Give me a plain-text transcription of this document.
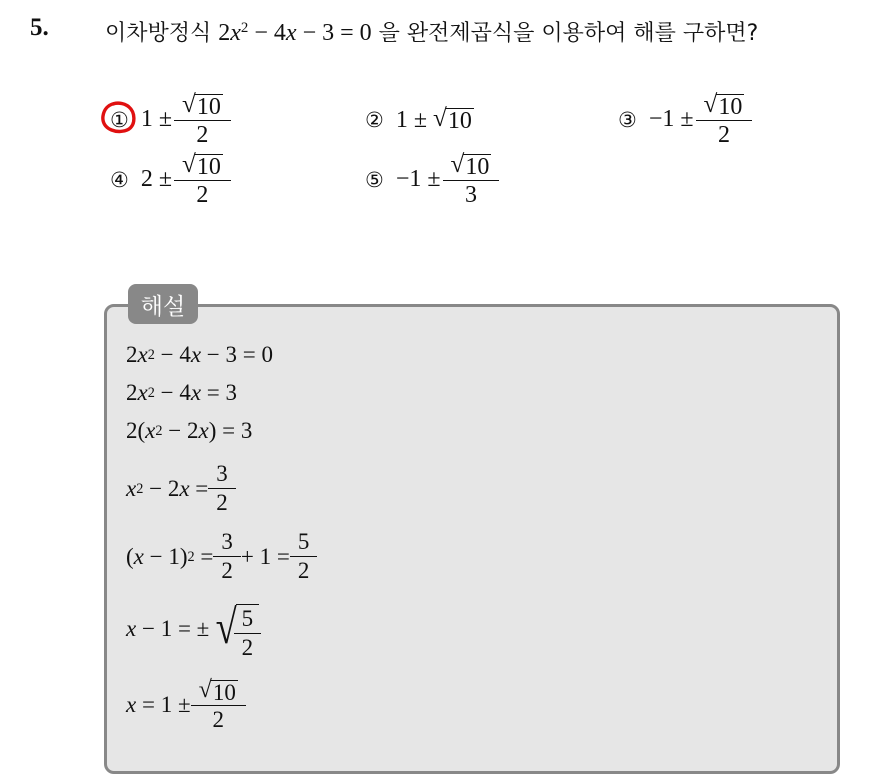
5.	이차방정식 $2x^2 - 4x - 3 = 0$ 을 완전제곱식을 이용하여 해를 구하면?
① $1 \pm \frac{√ 10}{2}$	② 1 ± √ 10	③ $-1 \pm \frac{√ 10}{2}$
④ $2 \pm \frac{√ 10}{2}$	⑤ $-1 \pm \frac{√ 10}{3}$
해설
2 x 2 − 4 x − 3 = 0
2 x 2 − 4 x = 3
2( x 2 − 2 x ) = 3
x 2 − 2 $x = \frac{3}{2}$
( x − 1) $2 = \frac{3}{2} + 1 = \frac{5}{2}$
x − 1 = ± √ $\frac{5}{2}$
$x = 1 \pm \frac{√ 10}{2}$
